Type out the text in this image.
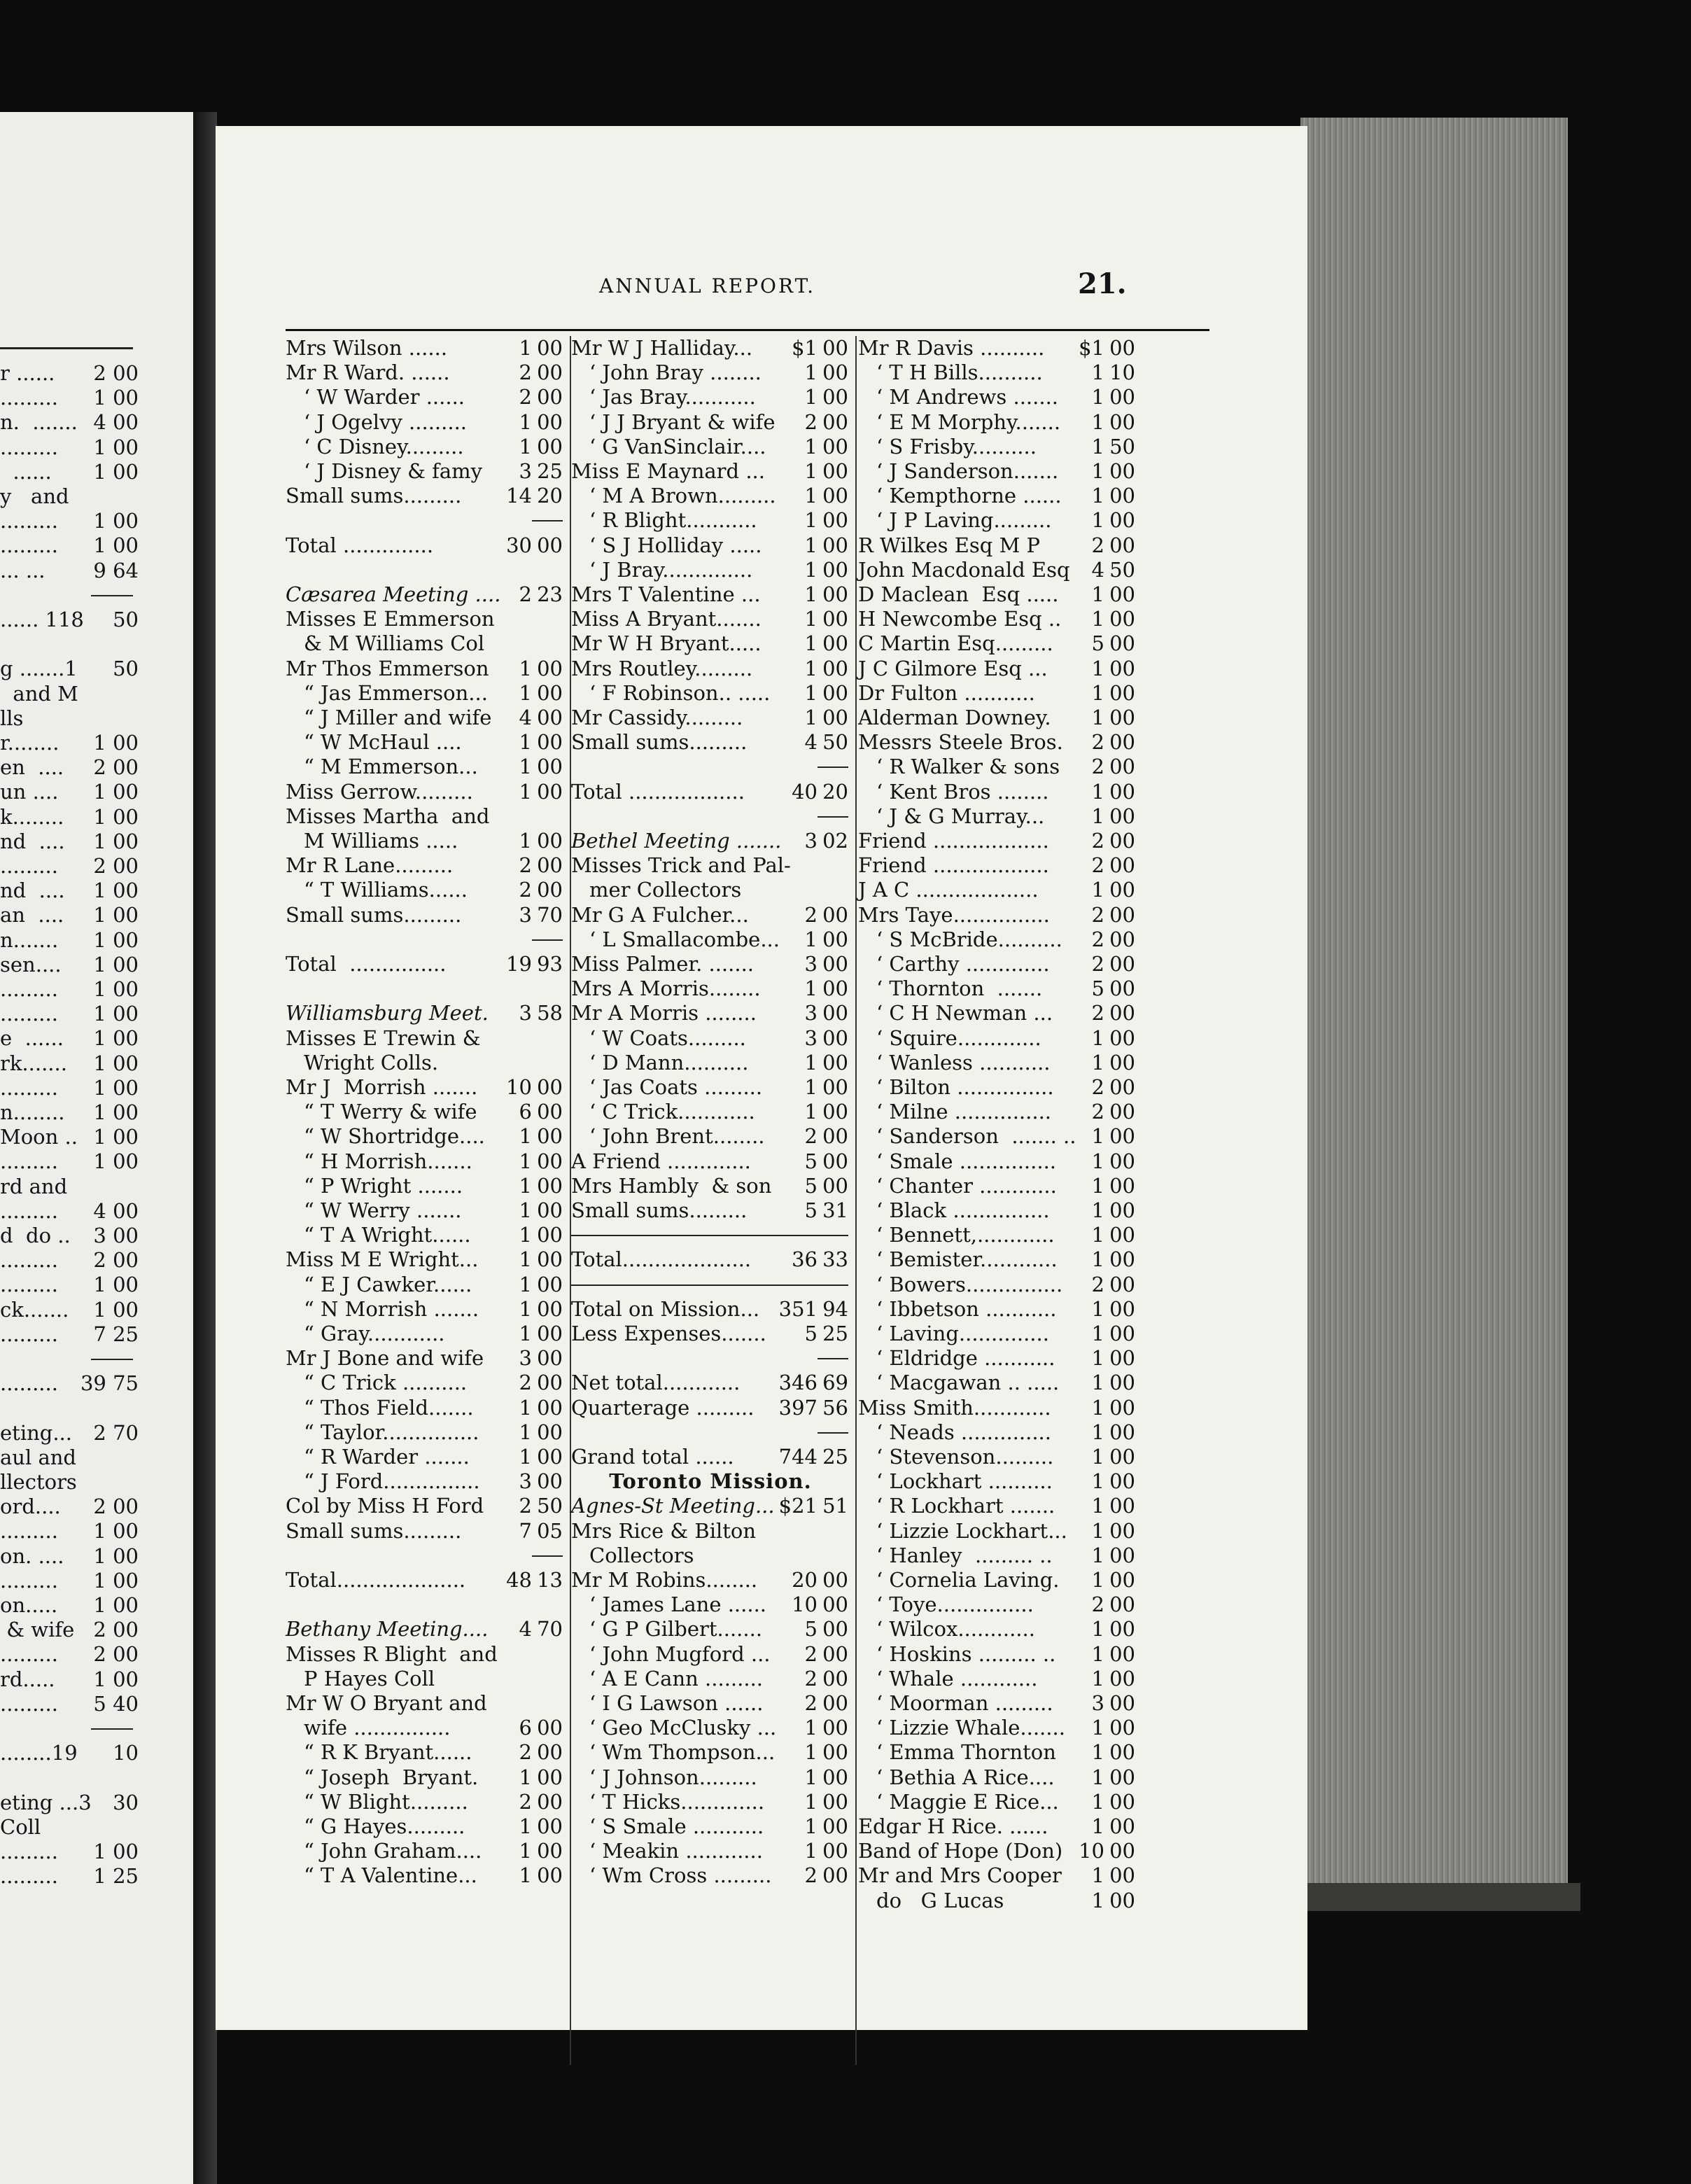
r ...... 2 00
......... 1 00
n.  ....... 4 00
......... 1 00
...... 1 00
y   and
......... 1 00
......... 1 00
... ... 9 64
...... 118 50
g .......1 50
and M
lls
r........ 1 00
en  .... 2 00
un .... 1 00
k........ 1 00
nd  .... 1 00
......... 2 00
nd  .... 1 00
an  .... 1 00
n....... 1 00
sen.... 1 00
......... 1 00
......... 1 00
e  ...... 1 00
rk....... 1 00
......... 1 00
n........ 1 00
Moon .. 1 00
......... 1 00
rd and
......... 4 00
d  do .. 3 00
......... 2 00
......... 1 00
ck....... 1 00
......... 7 25
......... 39 75
eting... 2 70
aul and
llectors
ord.... 2 00
......... 1 00
on. .... 1 00
......... 1 00
on..... 1 00
& wife 2 00
......... 2 00
rd..... 1 00
......... 5 40
........19 10
eting ...3 30
Coll
......... 1 00
......... 1 25
ANNUAL REPORT.	21.
Mrs Wilson ......	1 00
Mr R Ward. ......	2 00
‘ W Warder ......	2 00
‘ J Ogelvy .........	1 00
‘ C Disney.........	1 00
‘ J Disney & famy 3 25
Small sums......... 14 20
Total ..............	30 00
Cæsarea Meeting .... 2 23
Misses E Emmerson
& M Williams Col
Mr Thos Emmerson 1 00
“ Jas Emmerson... 1 00
“ J Miller and wife 4 00
“ W McHaul ....	1 00
“ M Emmerson... 1 00
Miss Gerrow......... 1 00
Misses Martha  and
M Williams .....	1 00
Mr R Lane.........	2 00
“ T Williams......	2 00
Small sums.........	3 70
Total  ...............	19 93
Williamsburg Meet. 3 58
Misses E Trewin &
Wright Colls.
Mr J  Morrish ....... 10 00
“ T Werry & wife 6 00
“ W Shortridge.... 1 00
“ H Morrish....... 1 00
“ P Wright .......	1 00
“ W Werry .......	1 00
“ T A Wright...... 1 00
Miss M E Wright... 1 00
“ E J Cawker...... 1 00
“ N Morrish ....... 1 00
“ Gray............	1 00
Mr J Bone and wife 3 00
“ C Trick ..........	2 00
“ Thos Field....... 1 00
“ Taylor............... 1 00
“ R Warder ....... 1 00
“ J Ford............... 3 00
Col by Miss H Ford 2 50
Small sums.........	7 05
Total.................... 48 13
Bethany Meeting.... 4 70
Misses R Blight  and
P Hayes Coll
Mr W O Bryant and
wife ...............	6 00
“ R K Bryant...... 2 00
“ Joseph  Bryant. 1 00
“ W Blight.........	2 00
“ G Hayes.........	1 00
“ John Graham.... 1 00
“ T A Valentine... 1 00
Mr W J Halliday... $1 00
‘ John Bray ........ 1 00
‘ Jas Bray........... 1 00
‘ J J Bryant & wife 2 00
‘ G VanSinclair.... 1 00
Miss E Maynard ... 1 00
‘ M A Brown......... 1 00
‘ R Blight........... 1 00
‘ S J Holliday ..... 1 00
‘ J Bray..............	1 00
Mrs T Valentine ... 1 00
Miss A Bryant....... 1 00
Mr W H Bryant..... 1 00
Mrs Routley.........	1 00
‘ F Robinson.. ..... 1 00
Mr Cassidy.........	1 00
Small sums.........	4 50
Total .................. 40 20
Bethel Meeting ....... 3 02
Misses Trick and Pal-
mer Collectors
Mr G A Fulcher...	2 00
‘ L Smallacombe... 1 00
Miss Palmer. .......	3 00
Mrs A Morris........ 1 00
Mr A Morris ........ 3 00
‘ W Coats.........	3 00
‘ D Mann..........	1 00
‘ Jas Coats ......... 1 00
‘ C Trick............ 1 00
‘ John Brent........ 2 00
A Friend .............	5 00
Mrs Hambly  & son 5 00
Small sums.........	5 31
Total.................... 36 33
Total on Mission... 351 94
Less Expenses....... 5 25
Net total............ 346 69
Quarterage ......... 397 56
Grand total ...... 744 25
Toronto Mission.
Agnes-St Meeting... $21 51
Mrs Rice & Bilton
Collectors
Mr M Robins........ 20 00
‘ James Lane ...... 10 00
‘ G P Gilbert....... 5 00
‘ John Mugford ... 2 00
‘ A E Cann ......... 2 00
‘ I G Lawson ...... 2 00
‘ Geo McClusky ... 1 00
‘ Wm Thompson... 1 00
‘ J Johnson......... 1 00
‘ T Hicks............. 1 00
‘ S Smale ........... 1 00
‘ Meakin ............ 1 00
‘ Wm Cross ......... 2 00
Mr R Davis .......... $1 00
‘ T H Bills.......... 1 10
‘ M Andrews ....... 1 00
‘ E M Morphy....... 1 00
‘ S Frisby..........	1 50
‘ J Sanderson....... 1 00
‘ Kempthorne ...... 1 00
‘ J P Laving......... 1 00
R Wilkes Esq M P	2 00
John Macdonald Esq 4 50
D Maclean  Esq ..... 1 00
H Newcombe Esq .. 1 00
C Martin Esq......... 5 00
J C Gilmore Esq ... 1 00
Dr Fulton ...........	1 00
Alderman Downey. 1 00
Messrs Steele Bros. 2 00
‘ R Walker & sons 2 00
‘ Kent Bros ........ 1 00
‘ J & G Murray... 1 00
Friend .................. 2 00
Friend .................. 2 00
J A C ...................	1 00
Mrs Taye............... 2 00
‘ S McBride.......... 2 00
‘ Carthy ............. 2 00
‘ Thornton  ....... 5 00
‘ C H Newman ... 2 00
‘ Squire............. 1 00
‘ Wanless ........... 1 00
‘ Bilton ............... 2 00
‘ Milne ............... 2 00
‘ Sanderson  ....... .. 1 00
‘ Smale ............... 1 00
‘ Chanter ............ 1 00
‘ Black ............... 1 00
‘ Bennett,............ 1 00
‘ Bemister............ 1 00
‘ Bowers............... 2 00
‘ Ibbetson ........... 1 00
‘ Laving.............. 1 00
‘ Eldridge ........... 1 00
‘ Macgawan .. ..... 1 00
Miss Smith............ 1 00
‘ Neads .............. 1 00
‘ Stevenson......... 1 00
‘ Lockhart .......... 1 00
‘ R Lockhart ....... 1 00
‘ Lizzie Lockhart... 1 00
‘ Hanley  ......... .. 1 00
‘ Cornelia Laving. 1 00
‘ Toye...............	2 00
‘ Wilcox............	1 00
‘ Hoskins ......... .. 1 00
‘ Whale ............	1 00
‘ Moorman ......... 3 00
‘ Lizzie Whale....... 1 00
‘ Emma Thornton 1 00
‘ Bethia A Rice.... 1 00
‘ Maggie E Rice... 1 00
Edgar H Rice. ...... 1 00
Band of Hope (Don) 10 00
Mr and Mrs Cooper 1 00
do   G Lucas	1 00
